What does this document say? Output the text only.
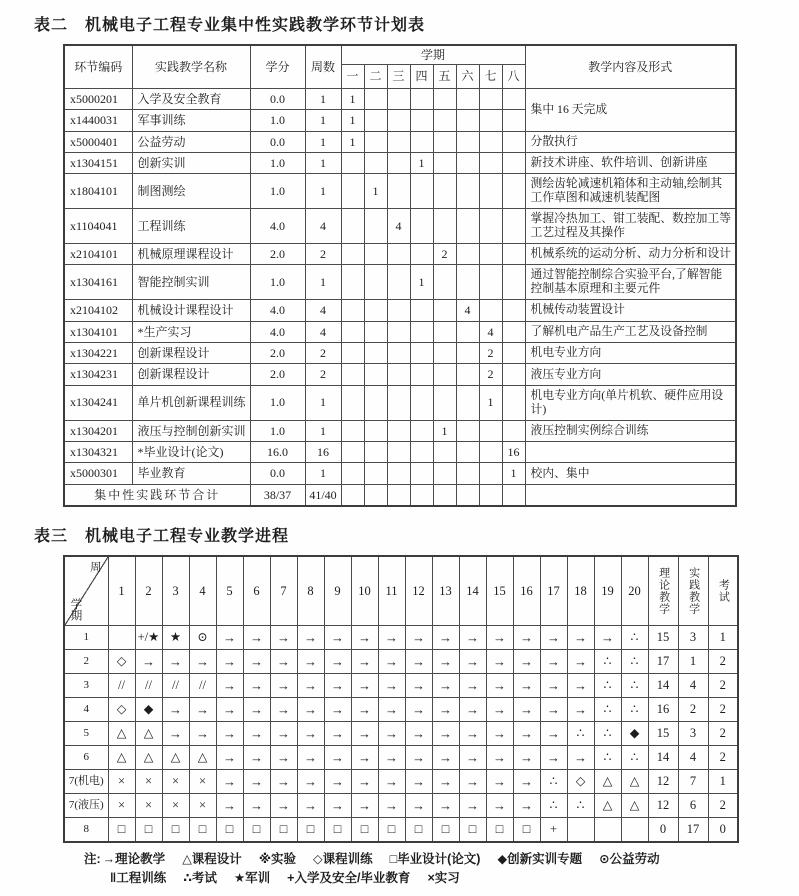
表二　机械电子工程专业集中性实践教学环节计划表
环节编码	实践教学名称	学分	周数	学期								教学内容及形式
				一	二	三	四	五	六	七	八	
x5000201	入学及安全教育	0.0	1	1								集中 16 天完成
x1440031	军事训练	1.0	1	1								
x5000401	公益劳动	0.0	1	1								分散执行
x1304151	创新实训	1.0	1				1					新技术讲座、软件培训、创新讲座
x1804101	制图测绘	1.0	1		1							测绘齿轮减速机箱体和主动轴,绘制其工作草图和减速机装配图
x1104041	工程训练	4.0	4			4						掌握冷热加工、钳工装配、数控加工等工艺过程及其操作
x2104101	机械原理课程设计	2.0	2					2				机械系统的运动分析、动力分析和设计
x1304161	智能控制实训	1.0	1				1					通过智能控制综合实验平台,了解智能控制基本原理和主要元件
x2104102	机械设计课程设计	4.0	4						4			机械传动装置设计
x1304101	*生产实习	4.0	4							4		了解机电产品生产工艺及设备控制
x1304221	创新课程设计	2.0	2							2		机电专业方向
x1304231	创新课程设计	2.0	2							2		液压专业方向
x1304241	单片机创新课程训练	1.0	1							1		机电专业方向(单片机软、硬件应用设计)
x1304201	液压与控制创新实训	1.0	1					1				液压控制实例综合训练
x1304321	*毕业设计(论文)	16.0	16								16	
x5000301	毕业教育	0.0	1								1	校内、集中
集中性实践环节合计		38/37	41/40									
表三　机械电子工程专业教学进程
周
学期	1	2	3	4	5	6	7	8	9	10	11	12	13	14	15	16	17	18	19	20	理论教学	实践教学	考试
1		+/★	★	⊙	→	→	→	→	→	→	→	→	→	→	→	→	→	→	→	∴	15	3	1
2	◇	→	→	→	→	→	→	→	→	→	→	→	→	→	→	→	→	→	∴	∴	17	1	2
3	//	//	//	//	→	→	→	→	→	→	→	→	→	→	→	→	→	→	∴	∴	14	4	2
4	◇	◆	→	→	→	→	→	→	→	→	→	→	→	→	→	→	→	→	∴	∴	16	2	2
5	△	△	→	→	→	→	→	→	→	→	→	→	→	→	→	→	→	∴	∴	◆	15	3	2
6	△	△	△	△	→	→	→	→	→	→	→	→	→	→	→	→	→	→	∴	∴	14	4	2
7(机电)	×	×	×	×	→	→	→	→	→	→	→	→	→	→	→	→	∴	◇	△	△	12	7	1
7(液压)	×	×	×	×	→	→	→	→	→	→	→	→	→	→	→	→	∴	∴	△	△	12	6	2
8	□	□	□	□	□	□	□	□	□	□	□	□	□	□	□	□	+				0	17	0
注: →理论教学 △课程设计 ※实验 ◇课程训练 □毕业设计(论文) ◆创新实训专题 ⊙公益劳动
‖工程训练 ∴考试 ★军训 +入学及安全/毕业教育 ×实习
